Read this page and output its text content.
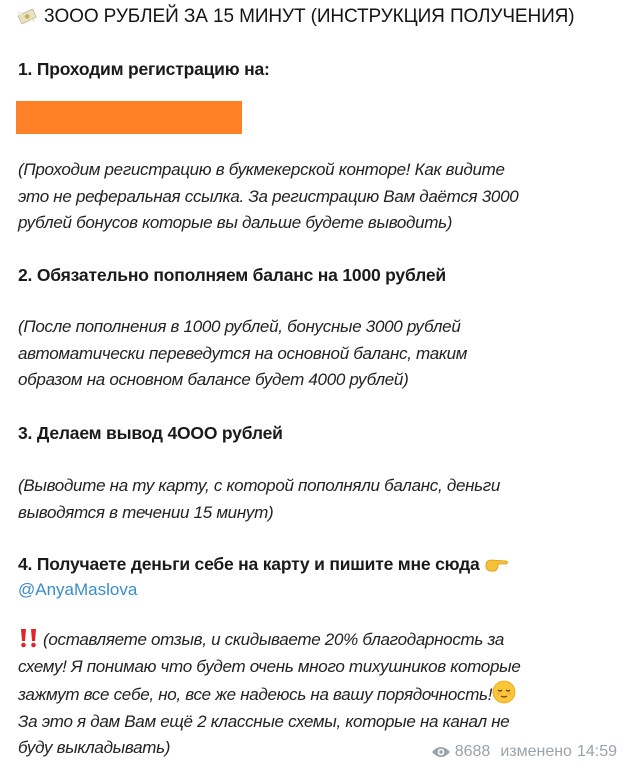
3OOO РУБЛЕЙ ЗА 15 МИНУТ (ИНСТРУКЦИЯ ПОЛУЧЕНИЯ)
1. Проходим регистрацию на:
(Проходим регистрацию в букмекерской конторе! Как видите
это не реферальная ссылка. За регистрацию Вам даётся 3000
рублей бонусов которые вы дальше будете выводить)
2. Обязательно пополняем баланс на 1000 рублей
(После пополнения в 1000 рублей, бонусные 3000 рублей
автоматически переведутся на основной баланс, таким
образом на основном балансе будет 4000 рублей)
3. Делаем вывод 4OOO рублей
(Выводите на ту карту, с которой пополняли баланс, деньги
выводятся в течении 15 минут)
4. Получаете деньги себе на карту и пишите мне сюда
@AnyaMaslova
(оставляете отзыв, и скидываете 20% благодарность за
схему! Я понимаю что будет очень много тихушников которые
зажмут все себе, но, все же надеюсь на вашу порядочность!
За это я дам Вам ещё 2 классные схемы, которые на канал не
буду выкладывать)	8688 изменено 14:59
